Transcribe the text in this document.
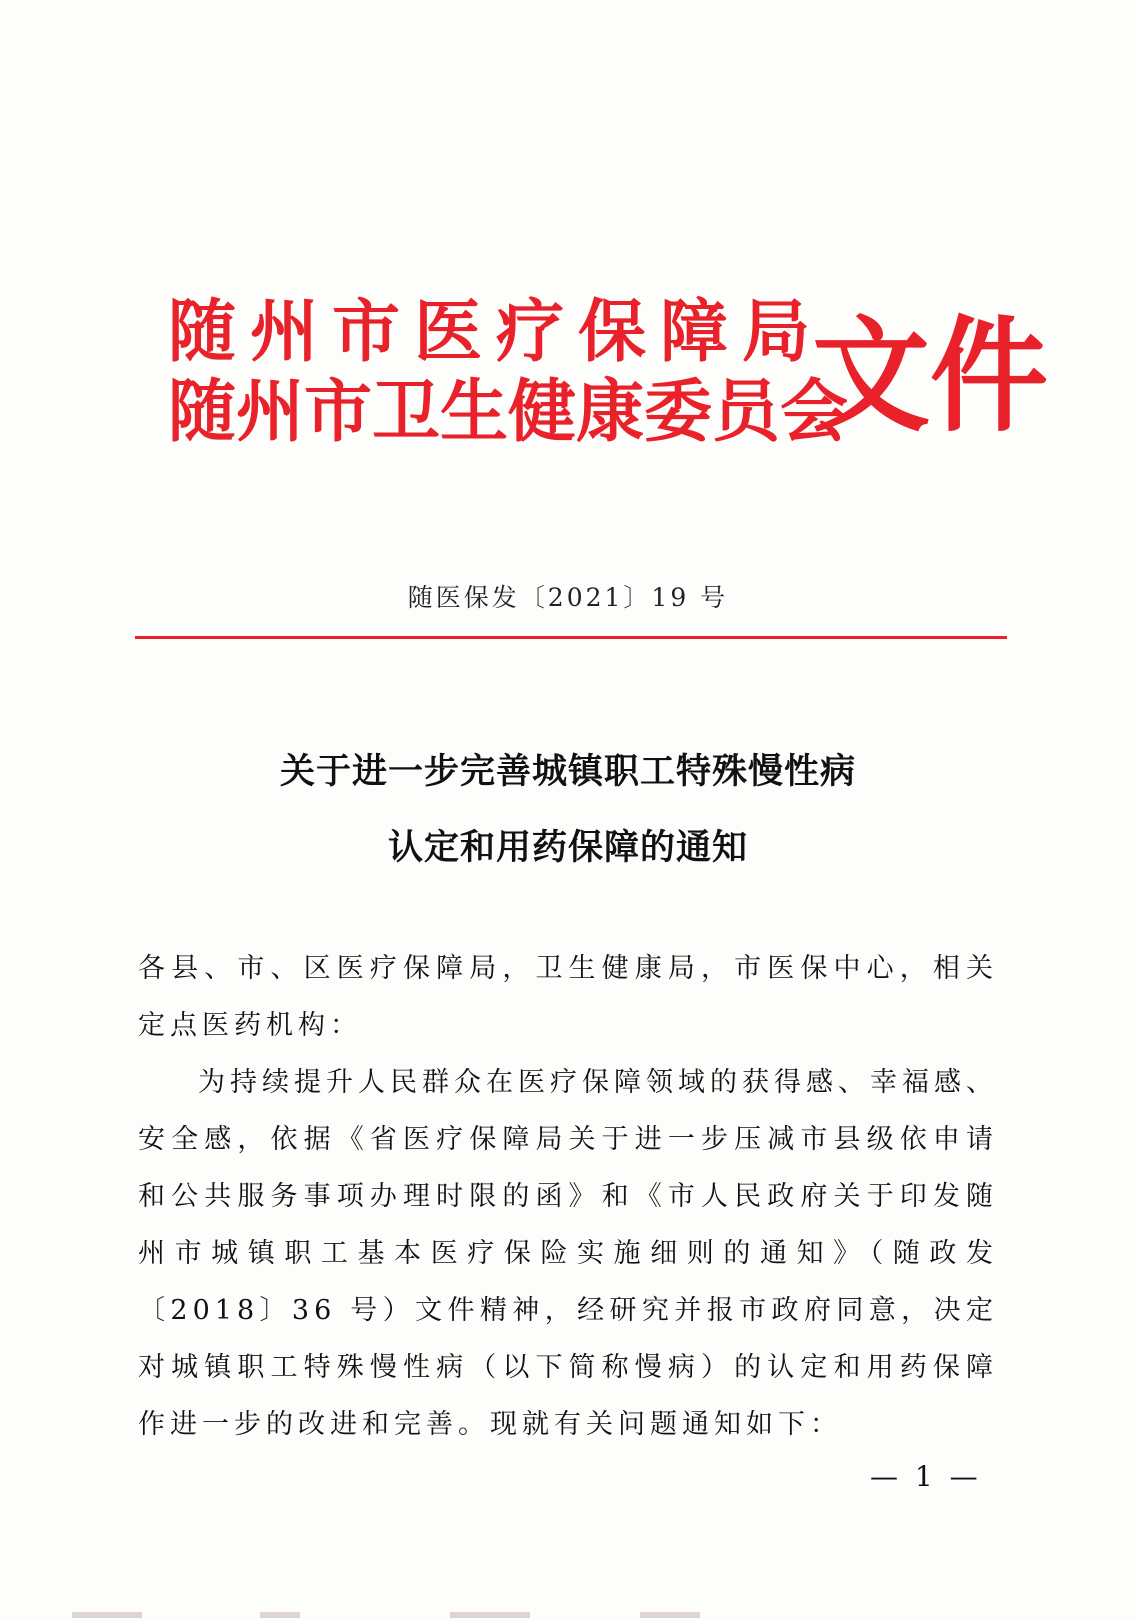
随州市医疗保障局
随州市卫生健康委员会
文件
随医保发〔2021〕19 号
关于进一步完善城镇职工特殊慢性病
认定和用药保障的通知

各县、市、区医疗保障局，卫生健康局，市医保中心，相关定点医药机构：

为持续提升人民群众在医疗保障领域的获得感、幸福感、安全感，依据《省医疗保障局关于进一步压减市县级依申请和公共服务事项办理时限的函》和《市人民政府关于印发随州市城镇职工基本医疗保险实施细则的通知》（随政发〔2018〕36 号）文件精神，经研究并报市政府同意，决定对城镇职工特殊慢性病（以下简称慢病）的认定和用药保障作进一步的改进和完善。现就有关问题通知如下：

— 1 —
